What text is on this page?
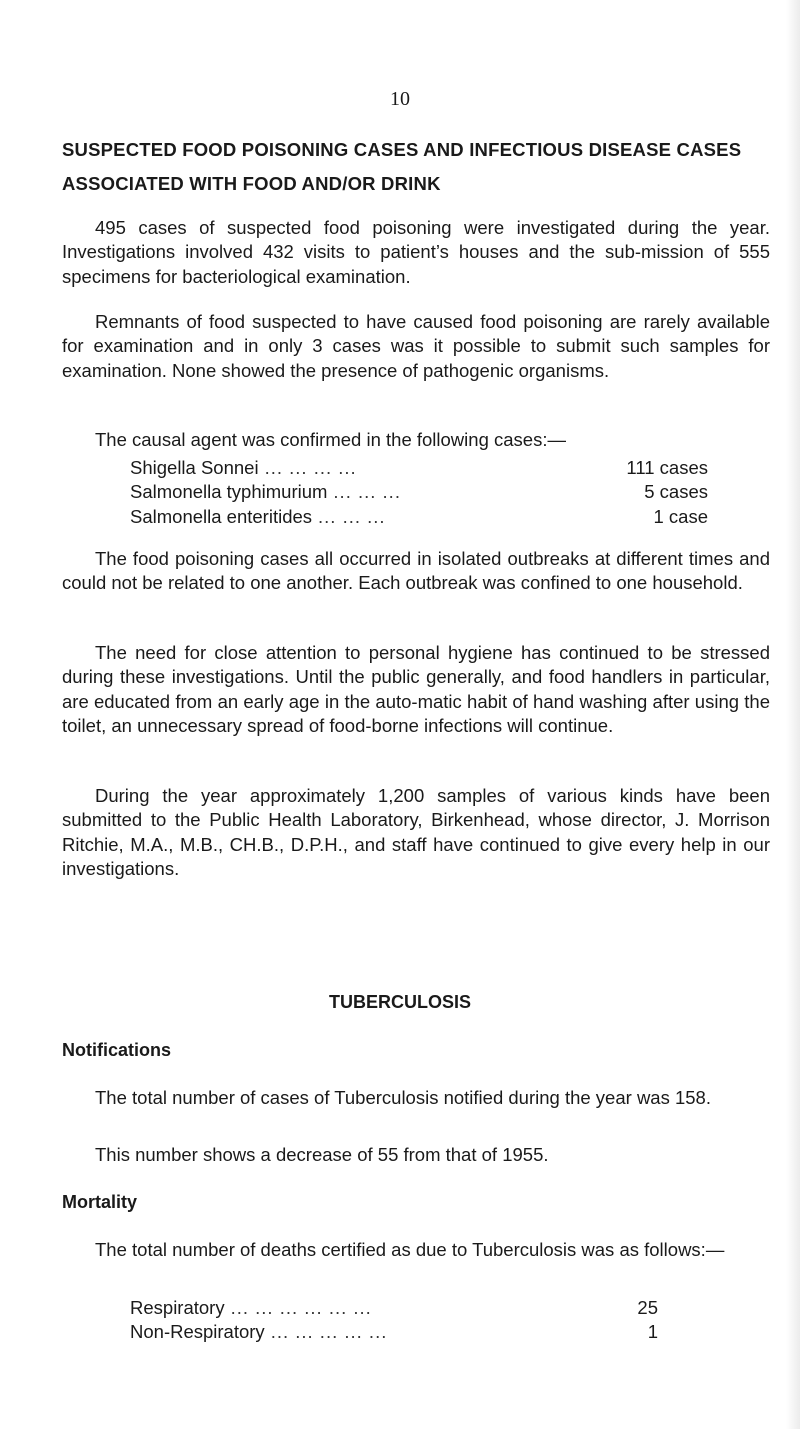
10

SUSPECTED FOOD POISONING CASES AND INFECTIOUS DISEASE CASES ASSOCIATED WITH FOOD AND/OR DRINK

495 cases of suspected food poisoning were investigated during the year. Investigations involved 432 visits to patient’s houses and the sub-mission of 555 specimens for bacteriological examination.

Remnants of food suspected to have caused food poisoning are rarely available for examination and in only 3 cases was it possible to submit such samples for examination. None showed the presence of pathogenic organisms.

The causal agent was confirmed in the following cases:—

Shigella Sonnei ... ... ... ...	111 cases
Salmonella typhimurium ... ... ...	5 cases
Salmonella enteritides ... ... ...	1 case

The food poisoning cases all occurred in isolated outbreaks at different times and could not be related to one another. Each outbreak was confined to one household.

The need for close attention to personal hygiene has continued to be stressed during these investigations. Until the public generally, and food handlers in particular, are educated from an early age in the auto-matic habit of hand washing after using the toilet, an unnecessary spread of food-borne infections will continue.

During the year approximately 1,200 samples of various kinds have been submitted to the Public Health Laboratory, Birkenhead, whose director, J. Morrison Ritchie, M.A., M.B., CH.B., D.P.H., and staff have continued to give every help in our investigations.

TUBERCULOSIS
Notifications

The total number of cases of Tuberculosis notified during the year was 158.

This number shows a decrease of 55 from that of 1955.

Mortality

The total number of deaths certified as due to Tuberculosis was as follows:—

Respiratory ... ... ... ... ... ...	25
Non-Respiratory ... ... ... ... ...	1
